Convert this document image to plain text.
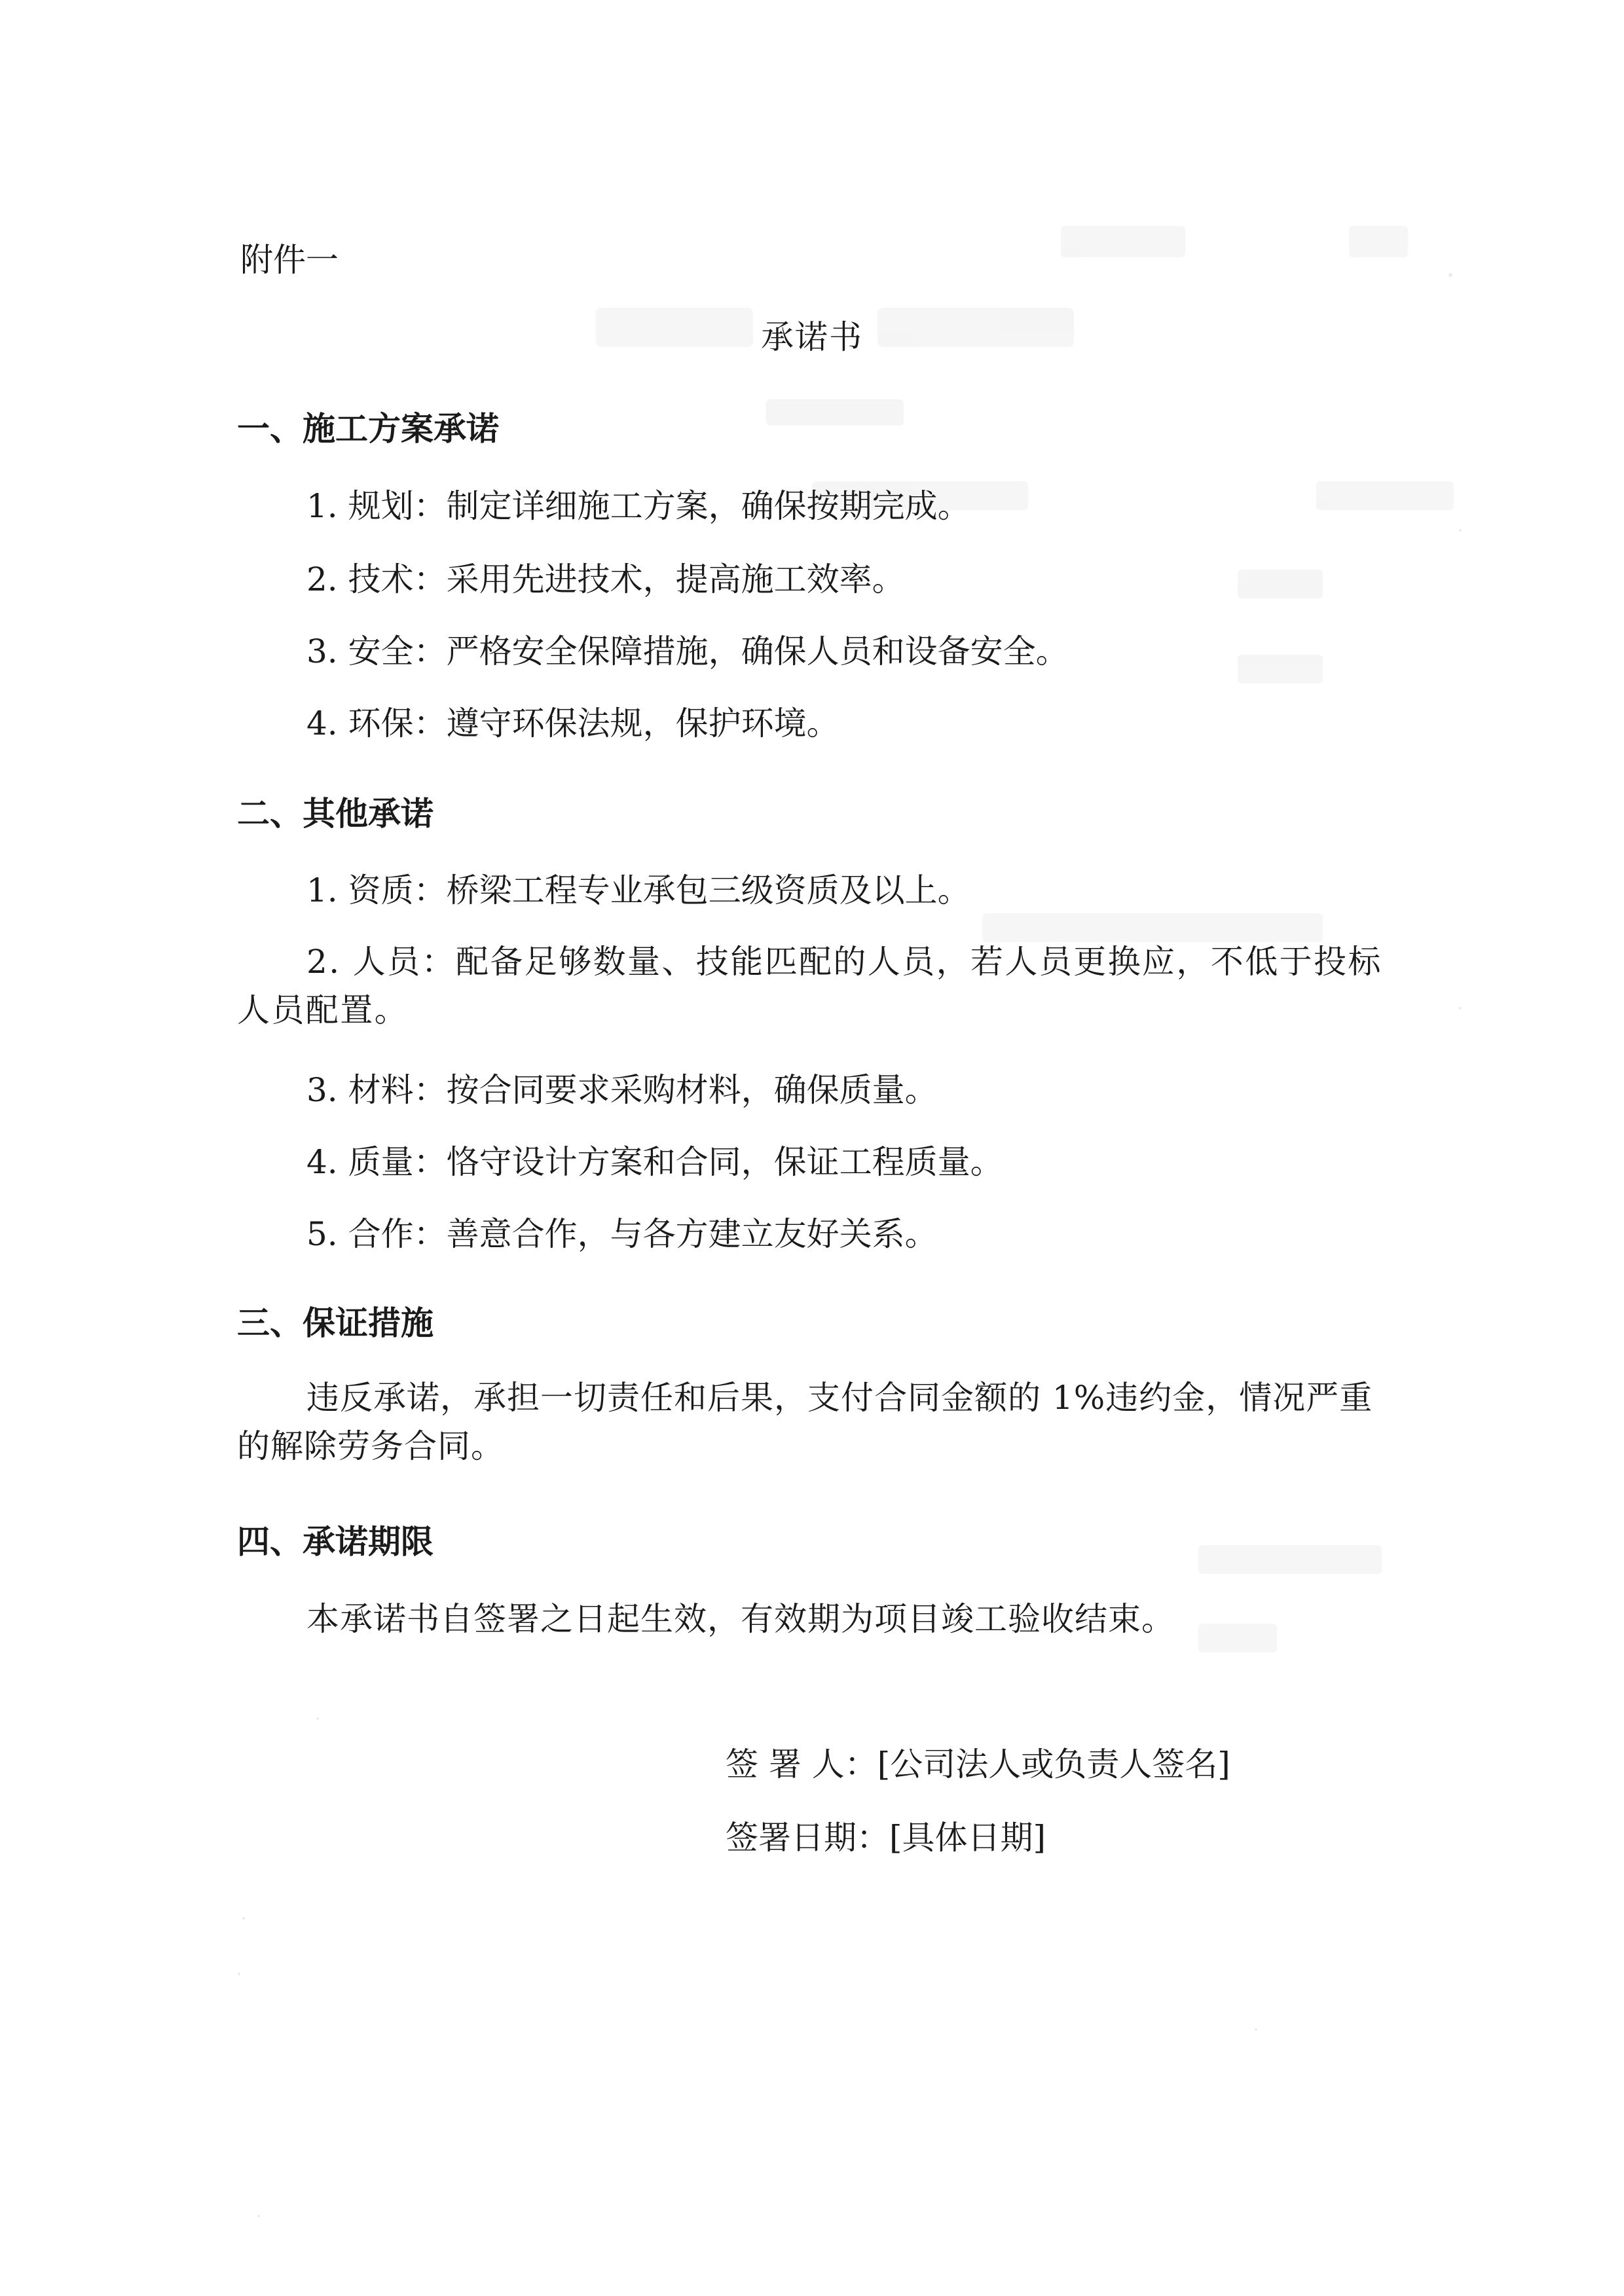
附件一
承诺书
一、施工方案承诺
1. 规划：制定详细施工方案，确保按期完成。
2. 技术：采用先进技术，提高施工效率。
3. 安全：严格安全保障措施，确保人员和设备安全。
4. 环保：遵守环保法规，保护环境。
二、其他承诺
1. 资质：桥梁工程专业承包三级资质及以上。
2. 人员：配备足够数量、技能匹配的人员，若人员更换应，不低于投标人员配置。
3. 材料：按合同要求采购材料，确保质量。
4. 质量：恪守设计方案和合同，保证工程质量。
5. 合作：善意合作，与各方建立友好关系。
三、保证措施
违反承诺，承担一切责任和后果，支付合同金额的 1%违约金，情况严重的解除劳务合同。
四、承诺期限
本承诺书自签署之日起生效，有效期为项目竣工验收结束。
签 署 人：[公司法人或负责人签名]
签署日期：[具体日期]
